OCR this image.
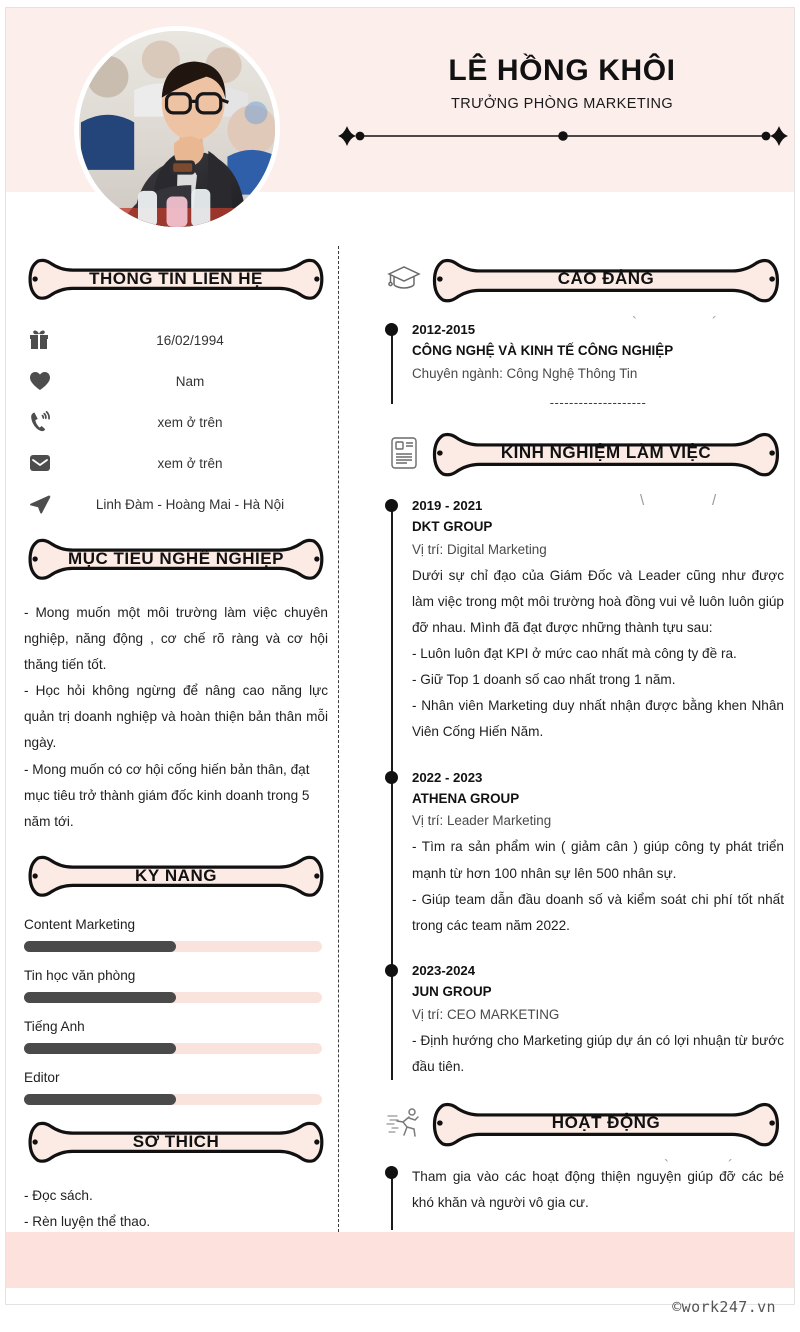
LÊ HỒNG KHÔI
TRƯỞNG PHÒNG MARKETING
THÔNG TIN LIÊN HỆ
16/02/1994
Nam
xem ở trên
xem ở trên
Linh Đàm - Hoàng Mai - Hà Nội
MỤC TIÊU NGHỀ NGHIỆP

- Mong muốn một môi trường làm việc chuyên nghiệp, năng động , cơ chế rõ ràng và cơ hội thăng tiến tốt.

- Học hỏi không ngừng để nâng cao năng lực quản trị doanh nghiệp và hoàn thiện bản thân mỗi ngày.

- Mong muốn có cơ hội cống hiến bản thân, đạt mục tiêu trở thành giám đốc kinh doanh trong 5 năm tới.

KỸ NĂNG
Content Marketing
Tin học văn phòng
Tiếng Anh
Editor
SỞ THÍCH
- Đọc sách.
- Rèn luyện thể thao.
CAO ĐẲNG
`	´
2012-2015
CÔNG NGHỆ VÀ KINH TẾ CÔNG NGHIỆP
Chuyên ngành: Công Nghệ Thông Tin
--------------------
KINH NGHIỆM LÀM VIỆC
\	/
2019 - 2021
DKT GROUP
Vị trí: Digital Marketing

Dưới sự chỉ đạo của Giám Đốc và Leader cũng như được làm việc trong một môi trường hoà đồng vui vẻ luôn luôn giúp đỡ nhau. Mình đã đạt được những thành tựu sau:

- Luôn luôn đạt KPI ở mức cao nhất mà công ty đề ra.

- Giữ Top 1 doanh số cao nhất trong 1 năm.

- Nhân viên Marketing duy nhất nhận được bằng khen Nhân Viên Cống Hiến Năm.

2022 - 2023
ATHENA GROUP
Vị trí: Leader Marketing

- Tìm ra sản phẩm win ( giảm cân ) giúp công ty phát triển mạnh từ hơn 100 nhân sự lên 500 nhân sự.

- Giúp team dẫn đầu doanh số và kiểm soát chi phí tốt nhất trong các team năm 2022.

2023-2024
JUN GROUP
Vị trí: CEO MARKETING

- Định hướng cho Marketing giúp dự án có lợi nhuận từ bước đầu tiên.

HOẠT ĐỘNG
`	´

Tham gia vào các hoạt động thiện nguyện giúp đỡ các bé khó khăn và người vô gia cư.

©work247.vn
